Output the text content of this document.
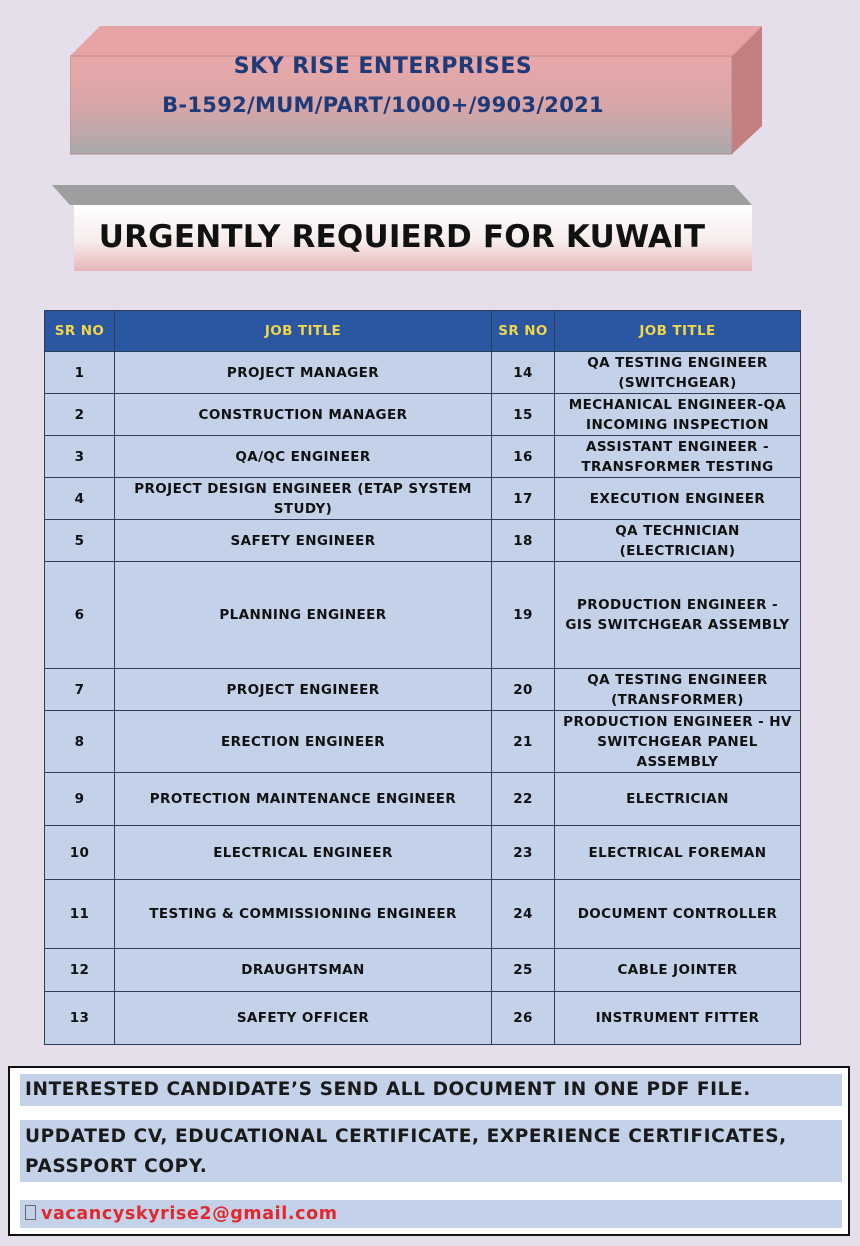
SKY RISE ENTERPRISES
B-1592/MUM/PART/1000+/9903/2021
URGENTLY REQUIERD FOR KUWAIT
SR NO	JOB TITLE	SR NO	JOB TITLE
1	PROJECT MANAGER	14	QA TESTING ENGINEER (SWITCHGEAR)
2	CONSTRUCTION MANAGER	15	MECHANICAL ENGINEER-QA INCOMING INSPECTION
3	QA/QC ENGINEER	16	ASSISTANT ENGINEER - TRANSFORMER TESTING
4	PROJECT DESIGN ENGINEER (ETAP SYSTEM STUDY)	17	EXECUTION ENGINEER
5	SAFETY ENGINEER	18	QA TECHNICIAN (ELECTRICIAN)
6	PLANNING ENGINEER	19	PRODUCTION ENGINEER - GIS SWITCHGEAR ASSEMBLY
7	PROJECT ENGINEER	20	QA TESTING ENGINEER (TRANSFORMER)
8	ERECTION ENGINEER	21	PRODUCTION ENGINEER - HV SWITCHGEAR PANEL ASSEMBLY
9	PROTECTION MAINTENANCE ENGINEER	22	ELECTRICIAN
10	ELECTRICAL ENGINEER	23	ELECTRICAL FOREMAN
11	TESTING & COMMISSIONING ENGINEER	24	DOCUMENT CONTROLLER
12	DRAUGHTSMAN	25	CABLE JOINTER
13	SAFETY OFFICER	26	INSTRUMENT FITTER
INTERESTED CANDIDATE’S SEND ALL DOCUMENT IN ONE PDF FILE.
UPDATED CV, EDUCATIONAL CERTIFICATE, EXPERIENCE CERTIFICATES, PASSPORT COPY.
vacancyskyrise2@gmail.com
